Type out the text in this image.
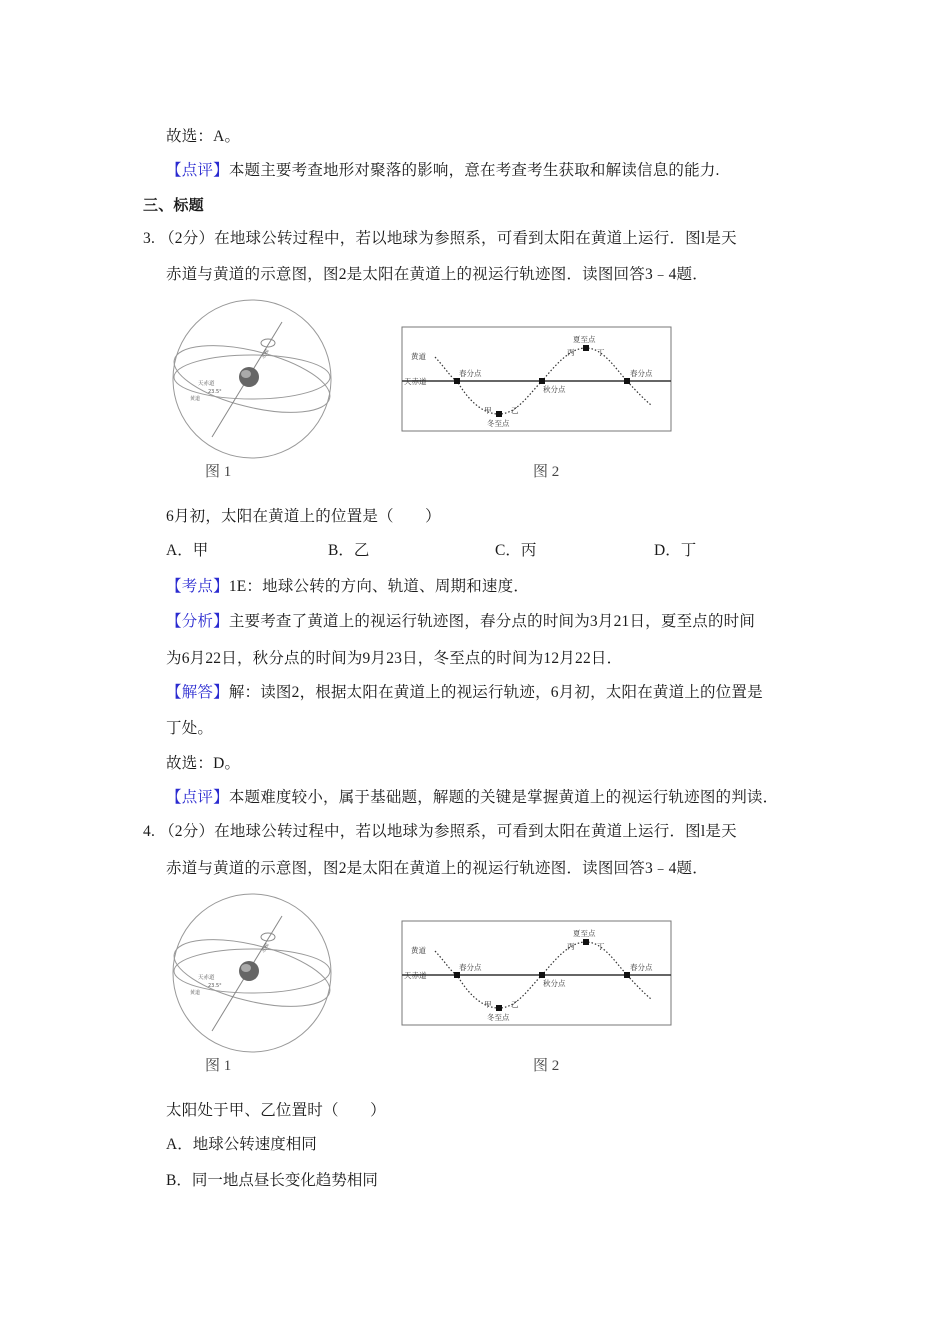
故选：A。
【点评】本题主要考查地形对聚落的影响，意在考查考生获取和解读信息的能力.
三、标题
3. （2分）在地球公转过程中，若以地球为参照系，可看到太阳在黄道上运行．图l是天
赤道与黄道的示意图，图2是太阳在黄道上的视运行轨迹图．读图回答3﹣4题．
天赤道
23.5°
黄道
北极
图 1
黄道
天赤道
春分点
甲	乙
冬至点
秋分点
夏至点
丙	丁
春分点
图 2
6月初，太阳在黄道上的位置是（　　）
A．甲	B．乙	C．丙	D．丁
【考点】1E：地球公转的方向、轨道、周期和速度．
【分析】主要考查了黄道上的视运行轨迹图，春分点的时间为3月21日，夏至点的时间
为6月22日，秋分点的时间为9月23日，冬至点的时间为12月22日．
【解答】解：读图2，根据太阳在黄道上的视运行轨迹，6月初，太阳在黄道上的位置是
丁处。
故选：D。
【点评】本题难度较小，属于基础题，解题的关键是掌握黄道上的视运行轨迹图的判读．
4. （2分）在地球公转过程中，若以地球为参照系，可看到太阳在黄道上运行．图l是天
赤道与黄道的示意图，图2是太阳在黄道上的视运行轨迹图．读图回答3﹣4题．
天赤道
23.5°
黄道
北极
图 1
黄道
天赤道
春分点
甲	乙
冬至点
秋分点
夏至点
丙	丁
春分点
图 2
太阳处于甲、乙位置时（　　）
A．地球公转速度相同
B．同一地点昼长变化趋势相同
